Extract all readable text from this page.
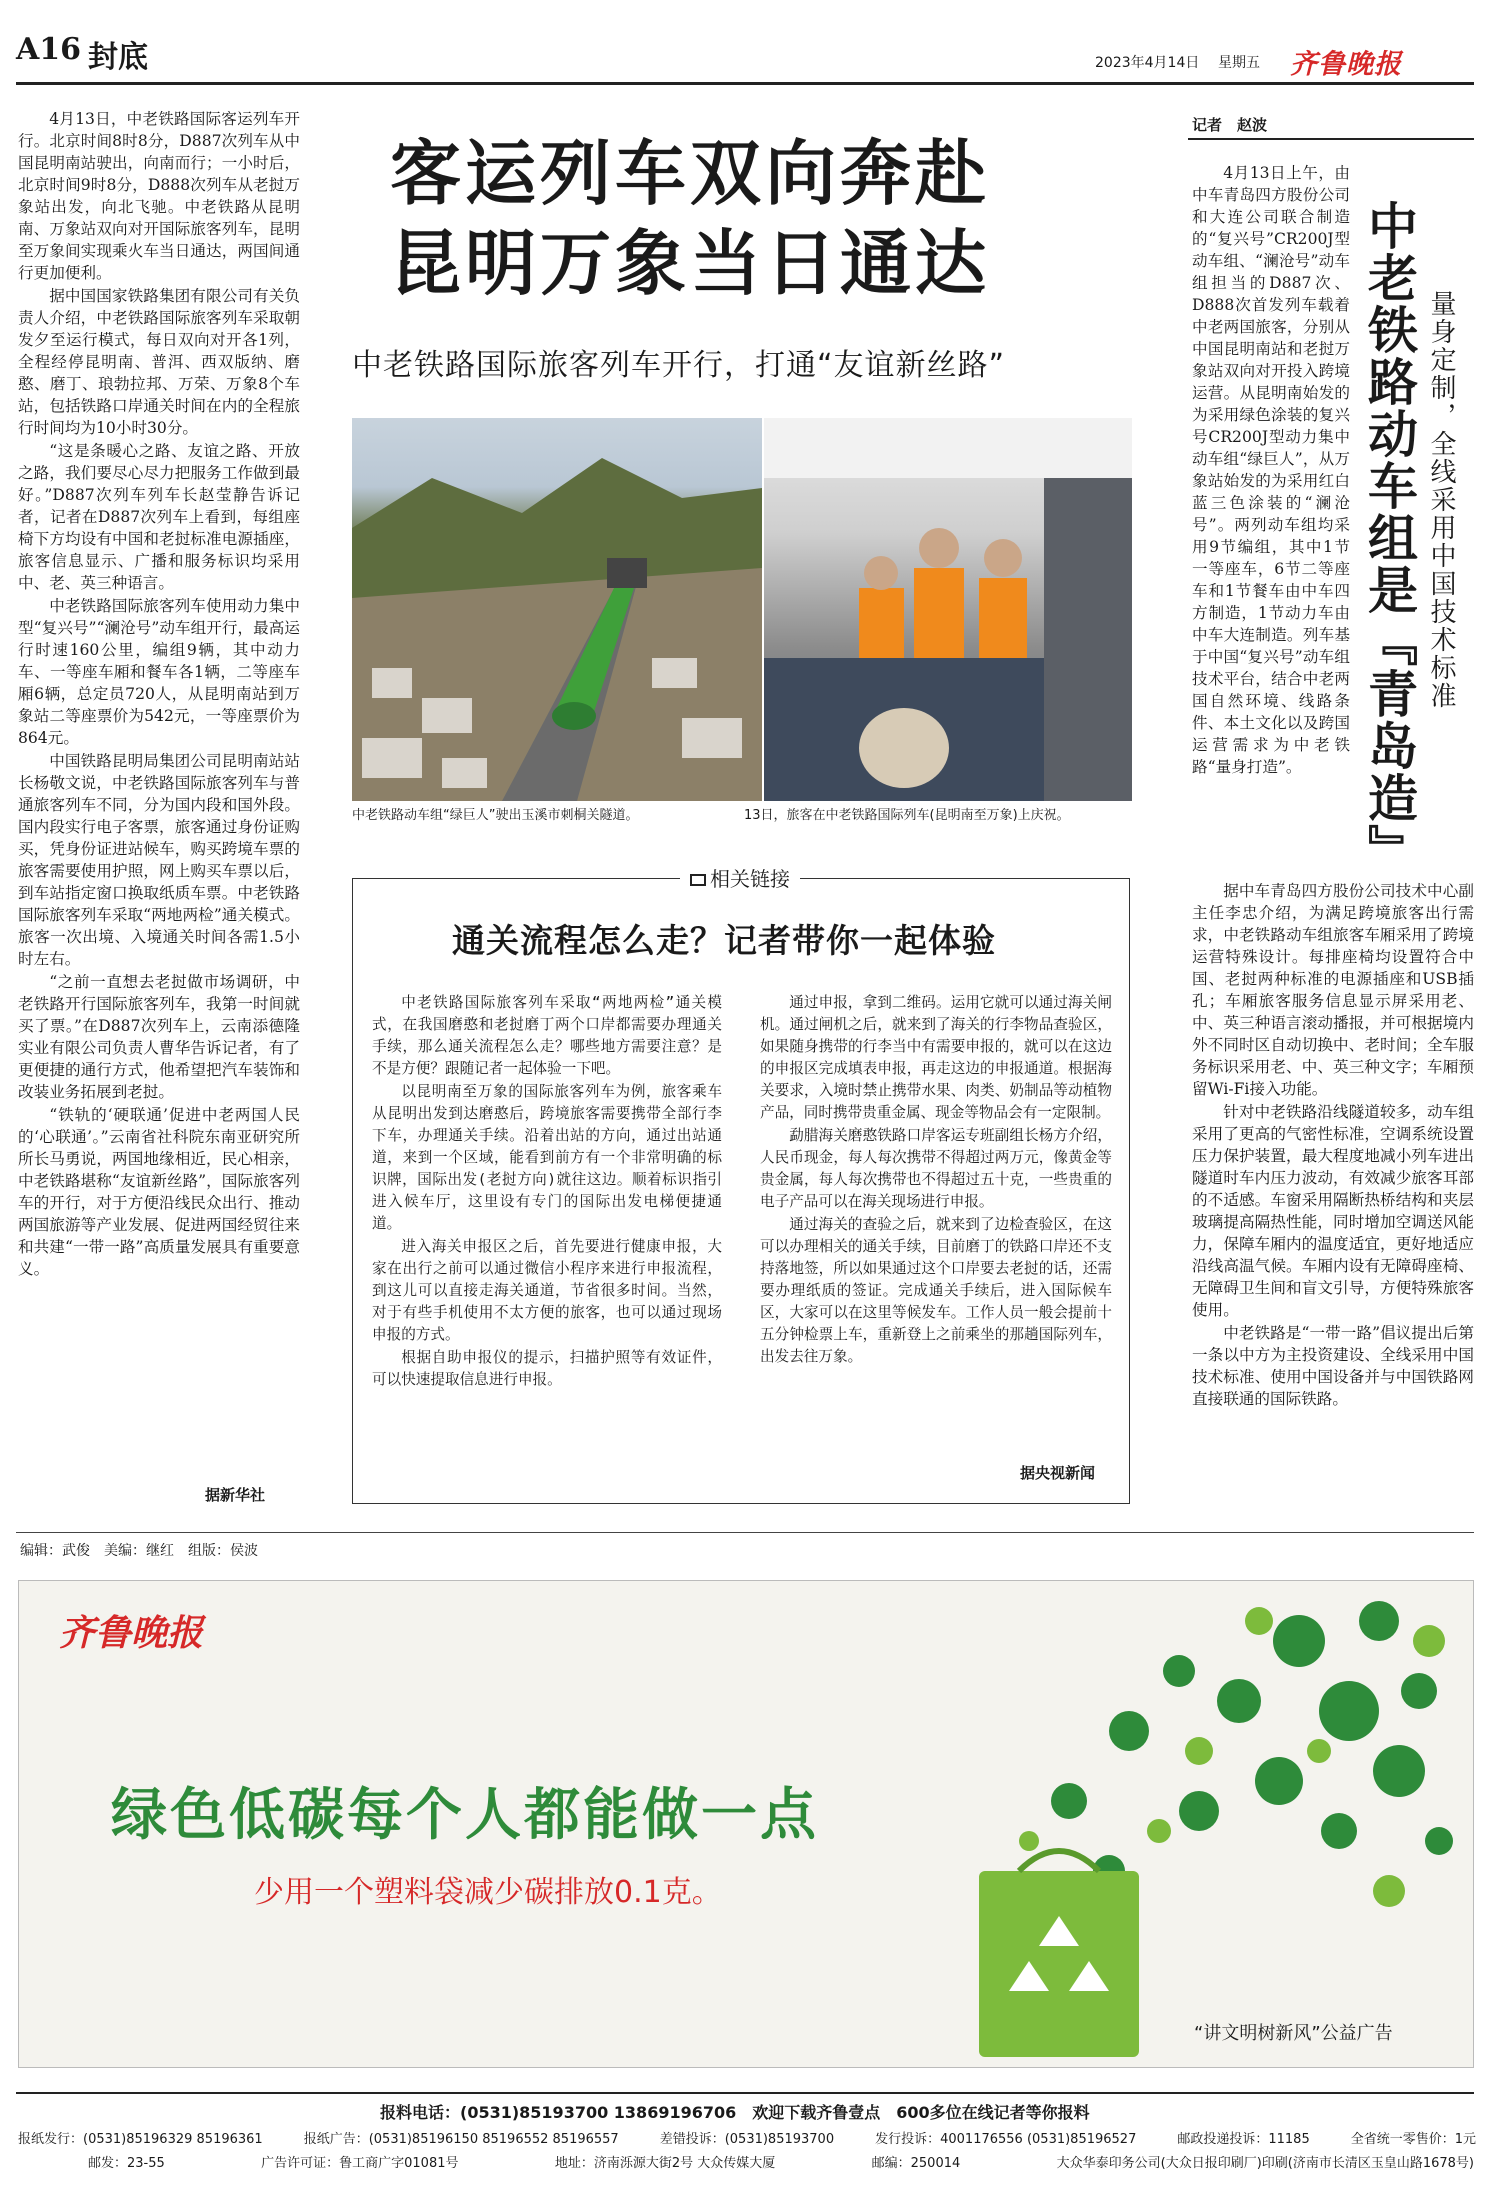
A16 封底	2023年4月14日 星期五 齐鲁晚报

4月13日，中老铁路国际客运列车开行。北京时间8时8分，D887次列车从中国昆明南站驶出，向南而行；一小时后，北京时间9时8分，D888次列车从老挝万象站出发，向北飞驰。中老铁路从昆明南、万象站双向对开国际旅客列车，昆明至万象间实现乘火车当日通达，两国间通行更加便利。

据中国国家铁路集团有限公司有关负责人介绍，中老铁路国际旅客列车采取朝发夕至运行模式，每日双向对开各1列，全程经停昆明南、普洱、西双版纳、磨憨、磨丁、琅勃拉邦、万荣、万象8个车站，包括铁路口岸通关时间在内的全程旅行时间均为10小时30分。

“这是条暖心之路、友谊之路、开放之路，我们要尽心尽力把服务工作做到最好。”D887次列车列车长赵莹静告诉记者，记者在D887次列车上看到，每组座椅下方均设有中国和老挝标准电源插座，旅客信息显示、广播和服务标识均采用中、老、英三种语言。

中老铁路国际旅客列车使用动力集中型“复兴号”“澜沧号”动车组开行，最高运行时速160公里，编组9辆，其中动力车、一等座车厢和餐车各1辆，二等座车厢6辆，总定员720人，从昆明南站到万象站二等座票价为542元，一等座票价为864元。

中国铁路昆明局集团公司昆明南站站长杨敬文说，中老铁路国际旅客列车与普通旅客列车不同，分为国内段和国外段。国内段实行电子客票，旅客通过身份证购买，凭身份证进站候车，购买跨境车票的旅客需要使用护照，网上购买车票以后，到车站指定窗口换取纸质车票。中老铁路国际旅客列车采取“两地两检”通关模式。旅客一次出境、入境通关时间各需1.5小时左右。

“之前一直想去老挝做市场调研，中老铁路开行国际旅客列车，我第一时间就买了票。”在D887次列车上，云南添德隆实业有限公司负责人曹华告诉记者，有了更便捷的通行方式，他希望把汽车装饰和改装业务拓展到老挝。

“铁轨的‘硬联通’促进中老两国人民的‘心联通’。”云南省社科院东南亚研究所所长马勇说，两国地缘相近，民心相亲，中老铁路堪称“友谊新丝路”，国际旅客列车的开行，对于方便沿线民众出行、推动两国旅游等产业发展、促进两国经贸往来和共建“一带一路”高质量发展具有重要意义。

据新华社
客运列车双向奔赴
昆明万象当日通达
中老铁路国际旅客列车开行，打通“友谊新丝路”
中老铁路动车组“绿巨人”驶出玉溪市刺桐关隧道。	13日，旅客在中老铁路国际列车(昆明南至万象)上庆祝。
相关链接
通关流程怎么走？记者带你一起体验

中老铁路国际旅客列车采取“两地两检”通关模式，在我国磨憨和老挝磨丁两个口岸都需要办理通关手续，那么通关流程怎么走？哪些地方需要注意？是不是方便？跟随记者一起体验一下吧。

以昆明南至万象的国际旅客列车为例，旅客乘车从昆明出发到达磨憨后，跨境旅客需要携带全部行李下车，办理通关手续。沿着出站的方向，通过出站通道，来到一个区域，能看到前方有一个非常明确的标识牌，国际出发(老挝方向)就往这边。顺着标识指引进入候车厅，这里设有专门的国际出发电梯便捷通道。

进入海关申报区之后，首先要进行健康申报，大家在出行之前可以通过微信小程序来进行申报流程，到这儿可以直接走海关通道，节省很多时间。当然，对于有些手机使用不太方便的旅客，也可以通过现场申报的方式。

根据自助申报仪的提示，扫描护照等有效证件，可以快速提取信息进行申报。

通过申报，拿到二维码。运用它就可以通过海关闸机。通过闸机之后，就来到了海关的行李物品查验区，如果随身携带的行李当中有需要申报的，就可以在这边的申报区完成填表申报，再走这边的申报通道。根据海关要求，入境时禁止携带水果、肉类、奶制品等动植物产品，同时携带贵重金属、现金等物品会有一定限制。

勐腊海关磨憨铁路口岸客运专班副组长杨方介绍，人民币现金，每人每次携带不得超过两万元，像黄金等贵金属，每人每次携带也不得超过五十克，一些贵重的电子产品可以在海关现场进行申报。

通过海关的查验之后，就来到了边检查验区，在这可以办理相关的通关手续，目前磨丁的铁路口岸还不支持落地签，所以如果通过这个口岸要去老挝的话，还需要办理纸质的签证。完成通关手续后，进入国际候车区，大家可以在这里等候发车。工作人员一般会提前十五分钟检票上车，重新登上之前乘坐的那趟国际列车，出发去往万象。

据央视新闻
记者　赵波
中老铁路动车组是『青岛造』 量身定制，全线采用中国技术标准

4月13日上午，由中车青岛四方股份公司和大连公司联合制造的“复兴号”CR200J型动车组、“澜沧号”动车组担当的D887次、D888次首发列车载着中老两国旅客，分别从中国昆明南站和老挝万象站双向对开投入跨境运营。从昆明南始发的为采用绿色涂装的复兴号CR200J型动力集中动车组“绿巨人”，从万象站始发的为采用红白蓝三色涂装的“澜沧号”。两列动车组均采用9节编组，其中1节一等座车，6节二等座车和1节餐车由中车四方制造，1节动力车由中车大连制造。列车基于中国“复兴号”动车组技术平台，结合中老两国自然环境、线路条件、本土文化以及跨国运营需求为中老铁路“量身打造”。

据中车青岛四方股份公司技术中心副主任李忠介绍，为满足跨境旅客出行需求，中老铁路动车组旅客车厢采用了跨境运营特殊设计。每排座椅均设置符合中国、老挝两种标准的电源插座和USB插孔；车厢旅客服务信息显示屏采用老、中、英三种语言滚动播报，并可根据境内外不同时区自动切换中、老时间；全车服务标识采用老、中、英三种文字；车厢预留Wi-Fi接入功能。

针对中老铁路沿线隧道较多，动车组采用了更高的气密性标准，空调系统设置压力保护装置，最大程度地减小列车进出隧道时车内压力波动，有效减少旅客耳部的不适感。车窗采用隔断热桥结构和夹层玻璃提高隔热性能，同时增加空调送风能力，保障车厢内的温度适宜，更好地适应沿线高温气候。车厢内设有无障碍座椅、无障碍卫生间和盲文引导，方便特殊旅客使用。

中老铁路是“一带一路”倡议提出后第一条以中方为主投资建设、全线采用中国技术标准、使用中国设备并与中国铁路网直接联通的国际铁路。

编辑：武俊　美编：继红　组版：侯波
齐鲁晚报
绿色低碳每个人都能做一点
少用一个塑料袋减少碳排放0.1克。
“讲文明树新风”公益广告
报料电话：(0531)85193700 13869196706　欢迎下载齐鲁壹点　600多位在线记者等你报料
报纸发行：(0531)85196329 85196361	报纸广告：(0531)85196150 85196552 85196557	差错投诉：(0531)85193700	发行投诉：4001176556 (0531)85196527	邮政投递投诉：11185	全省统一零售价：1元
邮发：23-55	广告许可证：鲁工商广字01081号	地址：济南泺源大街2号 大众传媒大厦	邮编：250014	大众华泰印务公司(大众日报印刷厂)印刷(济南市长清区玉皇山路1678号)
